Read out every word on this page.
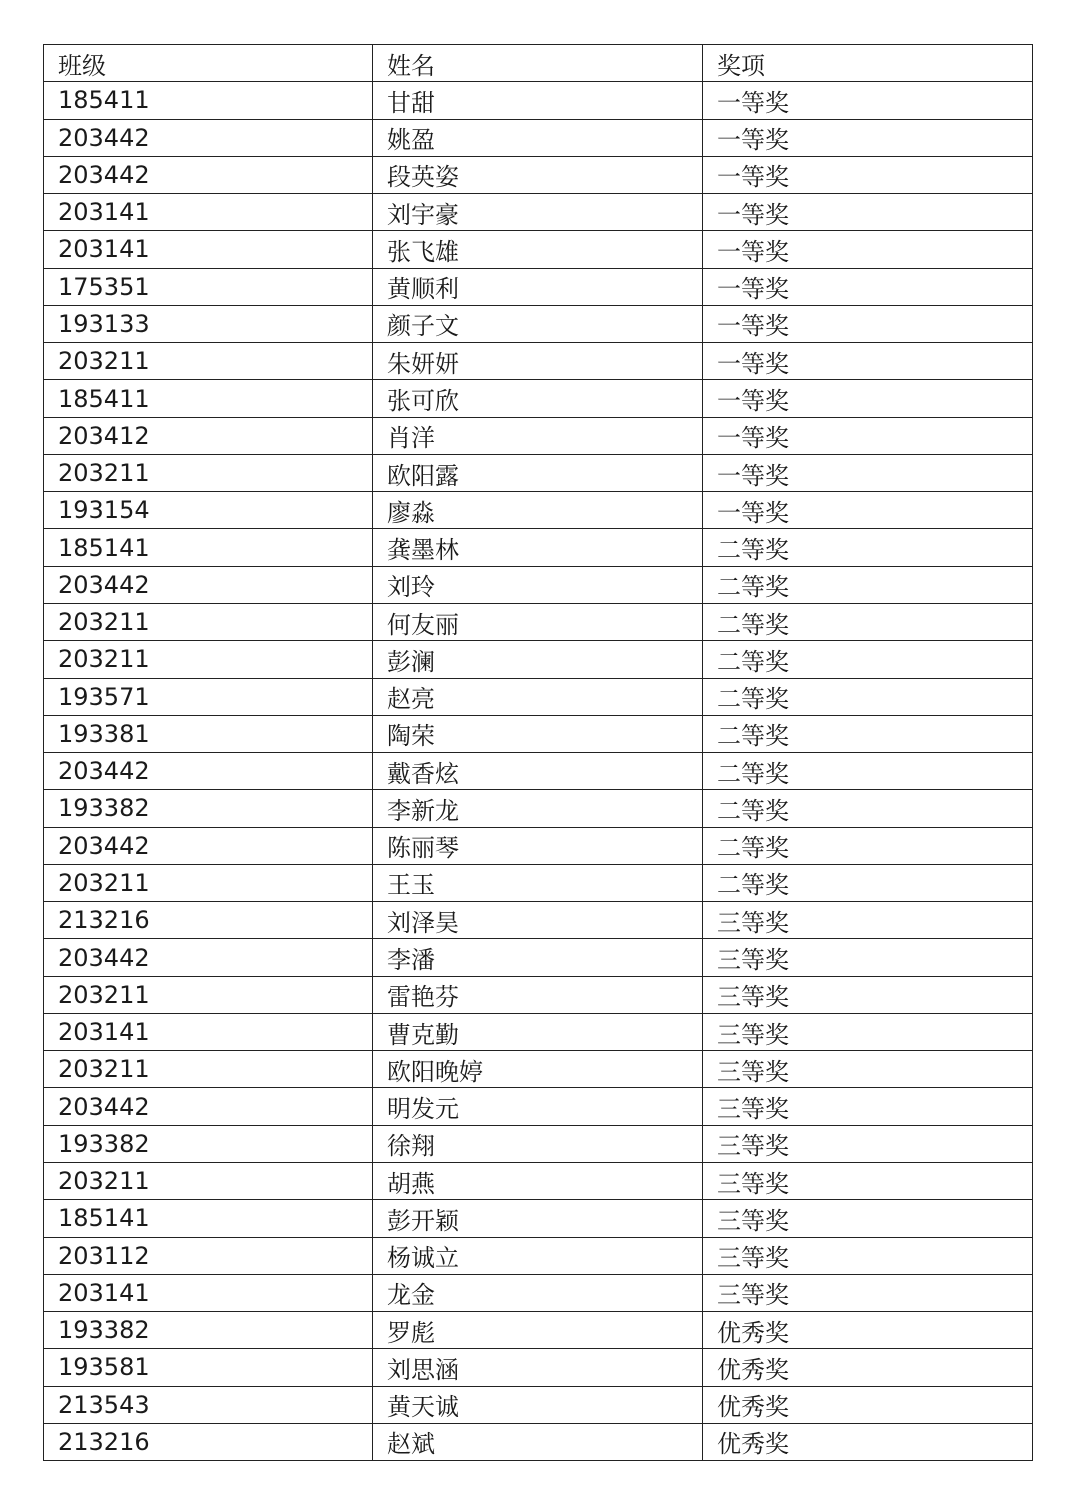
班级	姓名	奖项
185411	甘甜	一等奖
203442	姚盈	一等奖
203442	段英姿	一等奖
203141	刘宇豪	一等奖
203141	张飞雄	一等奖
175351	黄顺利	一等奖
193133	颜子文	一等奖
203211	朱妍妍	一等奖
185411	张可欣	一等奖
203412	肖洋	一等奖
203211	欧阳露	一等奖
193154	廖淼	一等奖
185141	龚墨林	二等奖
203442	刘玲	二等奖
203211	何友丽	二等奖
203211	彭澜	二等奖
193571	赵亮	二等奖
193381	陶荣	二等奖
203442	戴香炫	二等奖
193382	李新龙	二等奖
203442	陈丽琴	二等奖
203211	王玉	二等奖
213216	刘泽昊	三等奖
203442	李潘	三等奖
203211	雷艳芬	三等奖
203141	曹克勤	三等奖
203211	欧阳晚婷	三等奖
203442	明发元	三等奖
193382	徐翔	三等奖
203211	胡燕	三等奖
185141	彭开颖	三等奖
203112	杨诚立	三等奖
203141	龙金	三等奖
193382	罗彪	优秀奖
193581	刘思涵	优秀奖
213543	黄天诚	优秀奖
213216	赵斌	优秀奖
